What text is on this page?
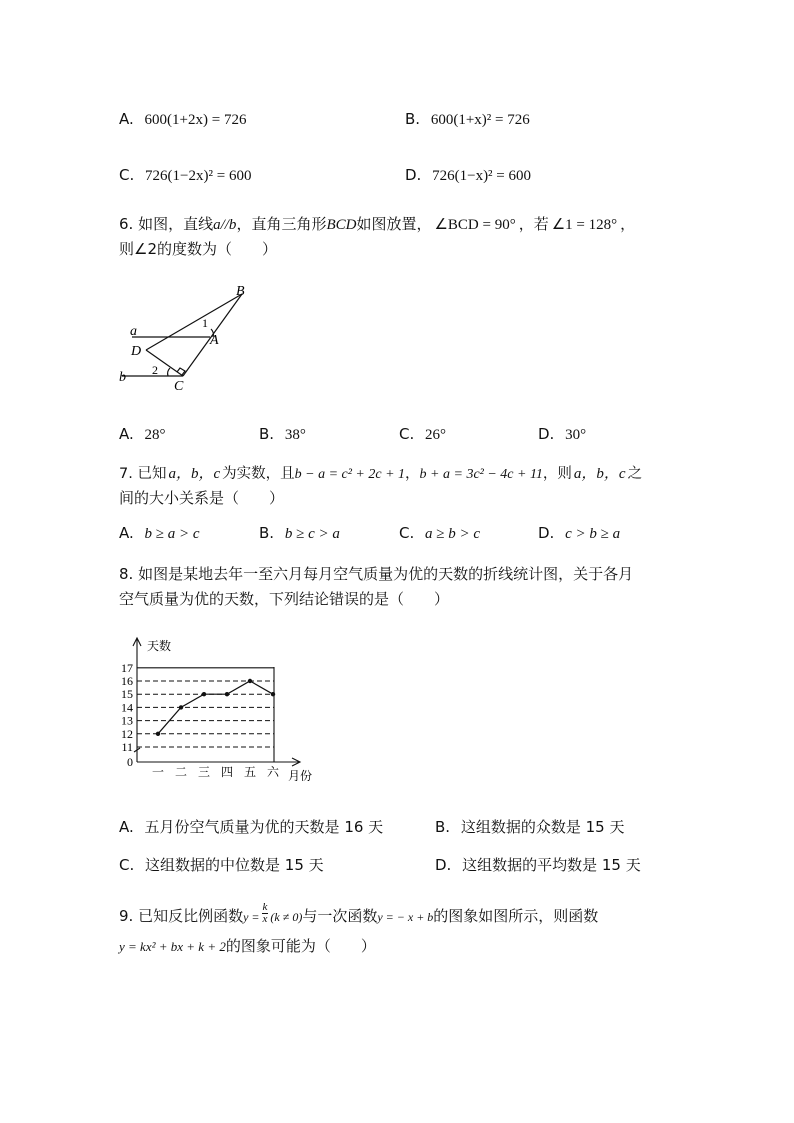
A. 600(1+2x) = 726	B. 600(1+x)² = 726
C. 726(1−2x)² = 600	D. 726(1−x)² = 600
6. 如图，直线a//b，直角三角形BCD如图放置， ∠BCD = 90° ，若 ∠1 = 128° ，
则∠2的度数为（　　）
B
a
1
A
D
2
b
C
A. 28°	B. 38°	C. 26°	D. 30°
7. 已知 a，b，c 为实数，且b − a = c² + 2c + 1，b + a = 3c² − 4c + 11，则 a，b，c 之
间的大小关系是（　　）
A. b ≥ a > c	B. b ≥ c > a	C. a ≥ b > c	D. c > b ≥ a
8. 如图是某地去年一至六月每月空气质量为优的天数的折线统计图，关于各月
空气质量为优的天数，下列结论错误的是（　　）
天数
月份
0
11
12
13
14
15
16
17
一 二 三 四 五 六
A. 五月份空气质量为优的天数是 16 天	B. 这组数据的众数是 15 天
C. 这组数据的中位数是 15 天	D. 这组数据的平均数是 15 天
9. 已知反比例函数$y = \frac{k}{x} (k \ne 0)$与一次函数y = − x + b的图象如图所示，则函数
y = kx² + bx + k + 2的图象可能为（　　）
